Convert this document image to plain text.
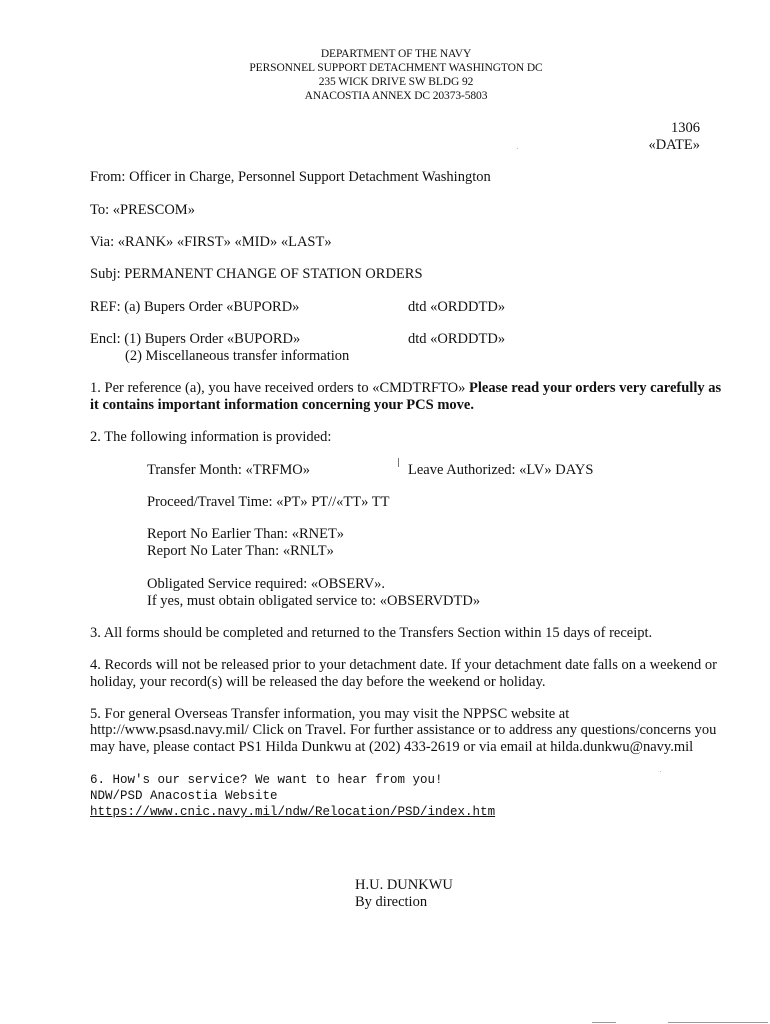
DEPARTMENT OF THE NAVY
PERSONNEL SUPPORT DETACHMENT WASHINGTON DC
235 WICK DRIVE SW BLDG 92
ANACOSTIA ANNEX DC 20373-5803
1306
«DATE»
From: Officer in Charge, Personnel Support Detachment Washington
To: «PRESCOM»
Via: «RANK» «FIRST» «MID» «LAST»
Subj: PERMANENT CHANGE OF STATION ORDERS
REF: (a) Bupers Order «BUPORD»	dtd «ORDDTD»
Encl: (1) Bupers Order «BUPORD»	dtd «ORDDTD»
(2) Miscellaneous transfer information
1. Per reference (a), you have received orders to «CMDTRFTO» Please read your orders very carefully as
it contains important information concerning your PCS move.
2. The following information is provided:
Transfer Month: «TRFMO»	Leave Authorized: «LV» DAYS
Proceed/Travel Time: «PT» PT//«TT» TT
Report No Earlier Than: «RNET»
Report No Later Than: «RNLT»
Obligated Service required: «OBSERV».
If yes, must obtain obligated service to: «OBSERVDTD»
3. All forms should be completed and returned to the Transfers Section within 15 days of receipt.
4. Records will not be released prior to your detachment date. If your detachment date falls on a weekend or
holiday, your record(s) will be released the day before the weekend or holiday.
5. For general Overseas Transfer information, you may visit the NPPSC website at
http://www.psasd.navy.mil/ Click on Travel. For further assistance or to address any questions/concerns you
may have, please contact PS1 Hilda Dunkwu at (202) 433-2619 or via email at hilda.dunkwu@navy.mil
6. How's our service? We want to hear from you!
NDW/PSD Anacostia Website
https://www.cnic.navy.mil/ndw/Relocation/PSD/index.htm
H.U. DUNKWU
By direction
